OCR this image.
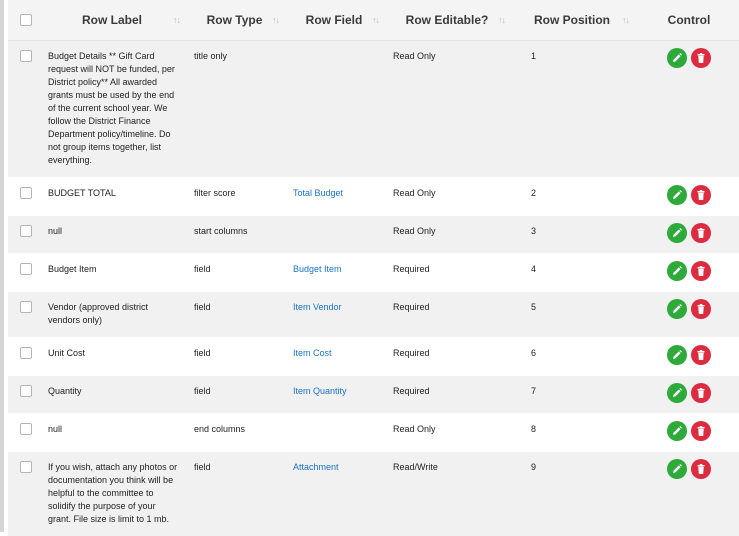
	Row Label ↑↓	Row Type ↑↓	Row Field ↑↓	Row Editable? ↑↓	Row Position ↑↓	Control
	Budget Details ** Gift Card request will NOT be funded, per District policy** All awarded grants must be used by the end of the current school year. We follow the District Finance Department policy/timeline. Do not group items together, list everything.	title only		Read Only	1	

	BUDGET TOTAL	filter score	Total Budget	Read Only	2	

	null	start columns		Read Only	3	

	Budget Item	field	Budget Item	Required	4	

	Vendor (approved district vendors only)	field	Item Vendor	Required	5	

	Unit Cost	field	Item Cost	Required	6	

	Quantity	field	Item Quantity	Required	7	

	null	end columns		Read Only	8	

	If you wish, attach any photos or documentation you think will be helpful to the committee to solidify the purpose of your grant. File size is limit to 1 mb.	field	Attachment	Read/Write	9	
